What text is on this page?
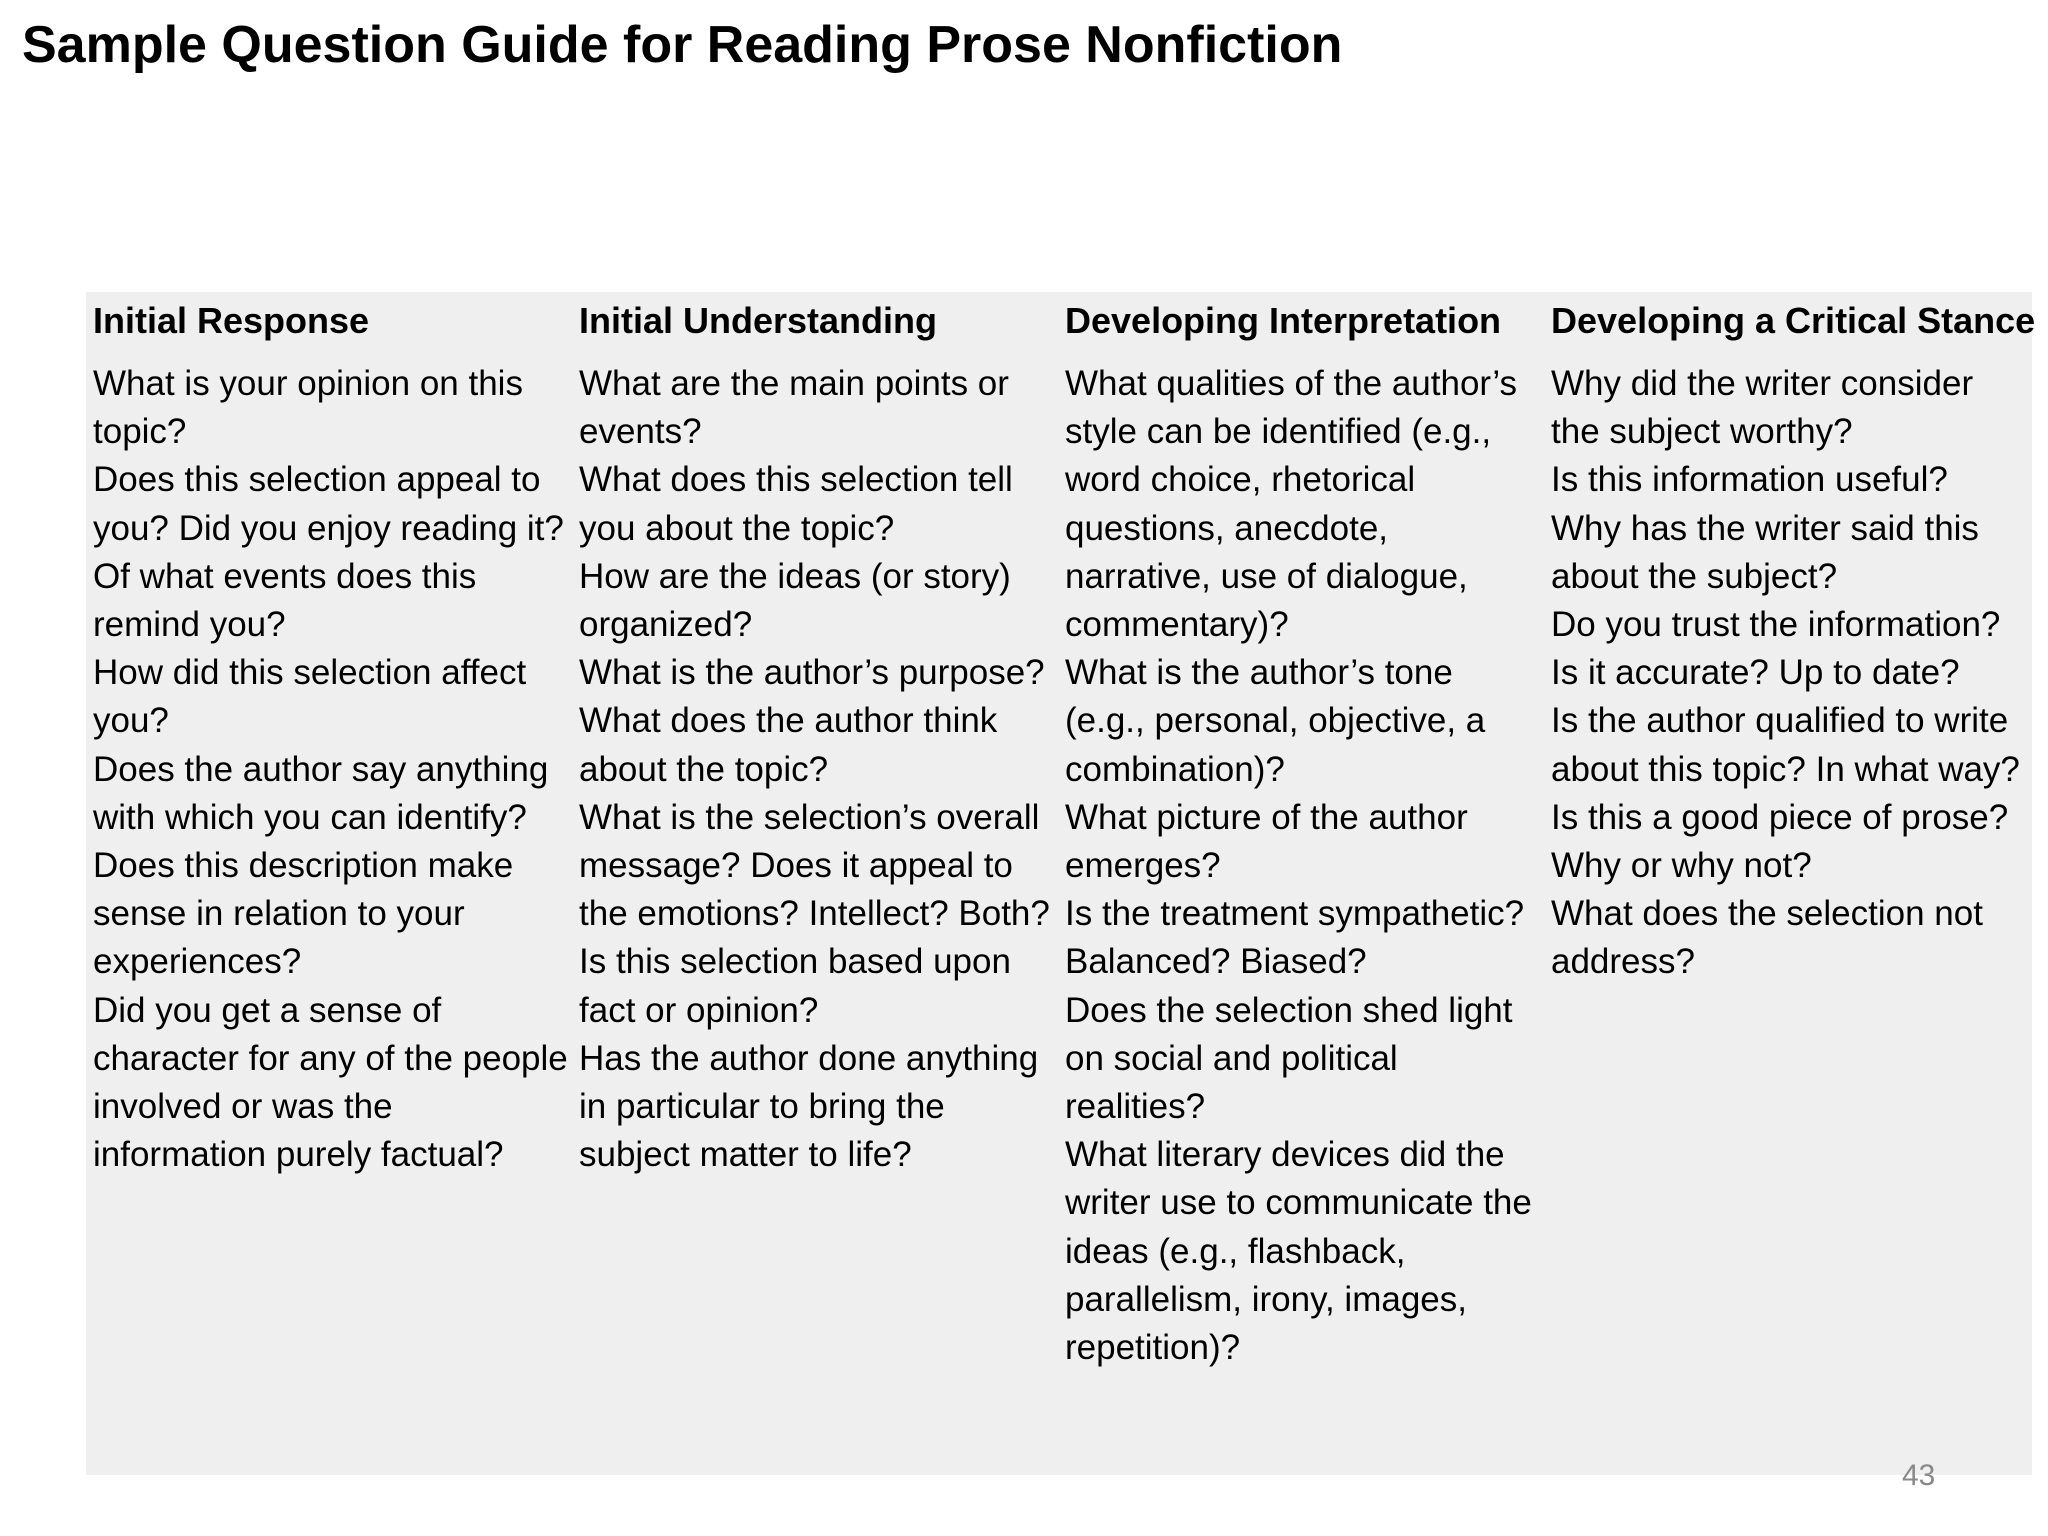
Sample Question Guide for Reading Prose Nonfiction
Initial Response
What is your opinion on this topic?
Does this selection appeal to you? Did you enjoy reading it?
Of what events does this remind you?
How did this selection affect you?
Does the author say anything with which you can identify?
Does this description make sense in relation to your experiences?
Did you get a sense of character for any of the people involved or was the information purely factual?
Initial Understanding
What are the main points or events?
What does this selection tell you about the topic?
How are the ideas (or story) organized?
What is the author’s purpose?
What does the author think about the topic?
What is the selection’s overall message? Does it appeal to the emotions? Intellect? Both?
Is this selection based upon fact or opinion?
Has the author done anything in particular to bring the subject matter to life?
Developing Interpretation
What qualities of the author’s style can be identified (e.g., word choice, rhetorical questions, anecdote, narrative, use of dialogue, commentary)?
What is the author’s tone (e.g., personal, objective, a combination)?
What picture of the author emerges?
Is the treatment sympathetic? Balanced? Biased?
Does the selection shed light on social and political realities?
What literary devices did the writer use to communicate the ideas (e.g., flashback, parallelism, irony, images, repetition)?
Developing a Critical Stance
Why did the writer consider the subject worthy?
Is this information useful?
Why has the writer said this about the subject?
Do you trust the information? Is it accurate? Up to date?
Is the author qualified to write about this topic? In what way?
Is this a good piece of prose? Why or why not?
What does the selection not address?
43
